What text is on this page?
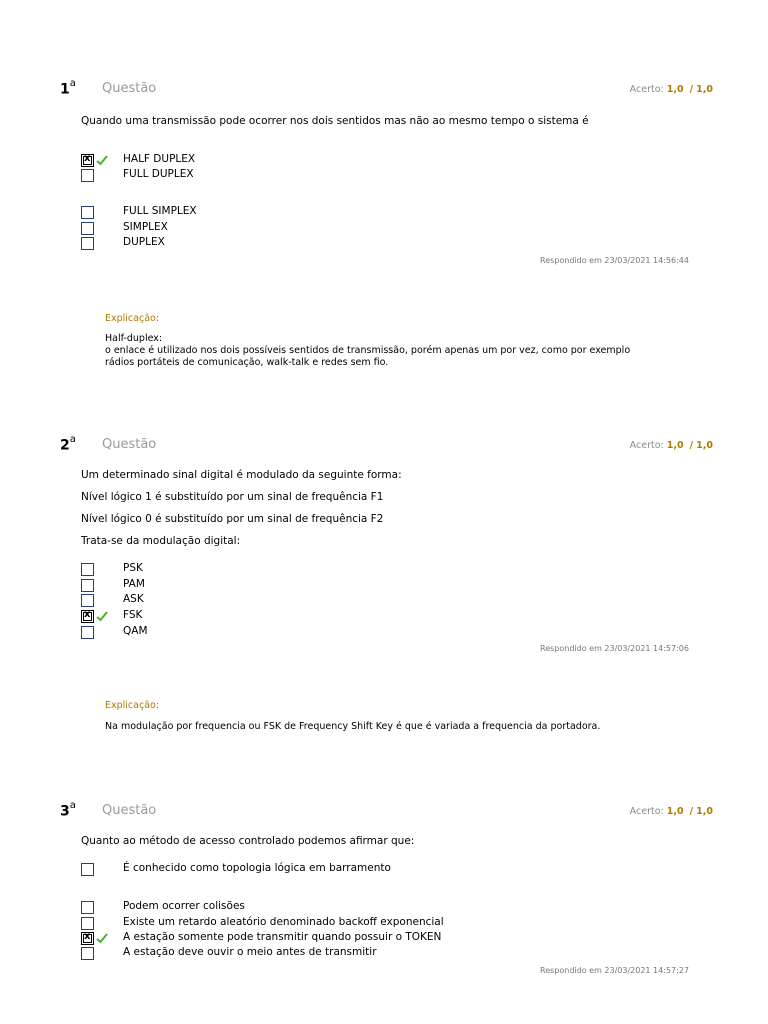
1$^a$ Questão	Acerto: 1,0 / 1,0
Quando uma transmissão pode ocorrer nos dois sentidos mas não ao mesmo tempo o sistema é
x
HALF DUPLEX
FULL DUPLEX
FULL SIMPLEX
SIMPLEX
DUPLEX
Respondido em 23/03/2021 14:56:44
Explicação:
Half-duplex:
o enlace é utilizado nos dois possíveis sentidos de transmissão, porém apenas um por vez, como por exemplo
rádios portáteis de comunicação, walk-talk e redes sem fio.
2$^a$ Questão	Acerto: 1,0 / 1,0
Um determinado sinal digital é modulado da seguinte forma:
Nível lógico 1 é substituído por um sinal de frequência F1
Nível lógico 0 é substituído por um sinal de frequência F2
Trata-se da modulação digital:
PSK
PAM
ASK
x
FSK
QAM
Respondido em 23/03/2021 14:57:06
Explicação:
Na modulação por frequencia ou FSK de Frequency Shift Key é que é variada a frequencia da portadora.
3$^a$ Questão	Acerto: 1,0 / 1,0
Quanto ao método de acesso controlado podemos afirmar que:
É conhecido como topologia lógica em barramento
Podem ocorrer colisões
Existe um retardo aleatório denominado backoff exponencial
x
A estação somente pode transmitir quando possuir o TOKEN
A estação deve ouvir o meio antes de transmitir
Respondido em 23/03/2021 14:57:27
